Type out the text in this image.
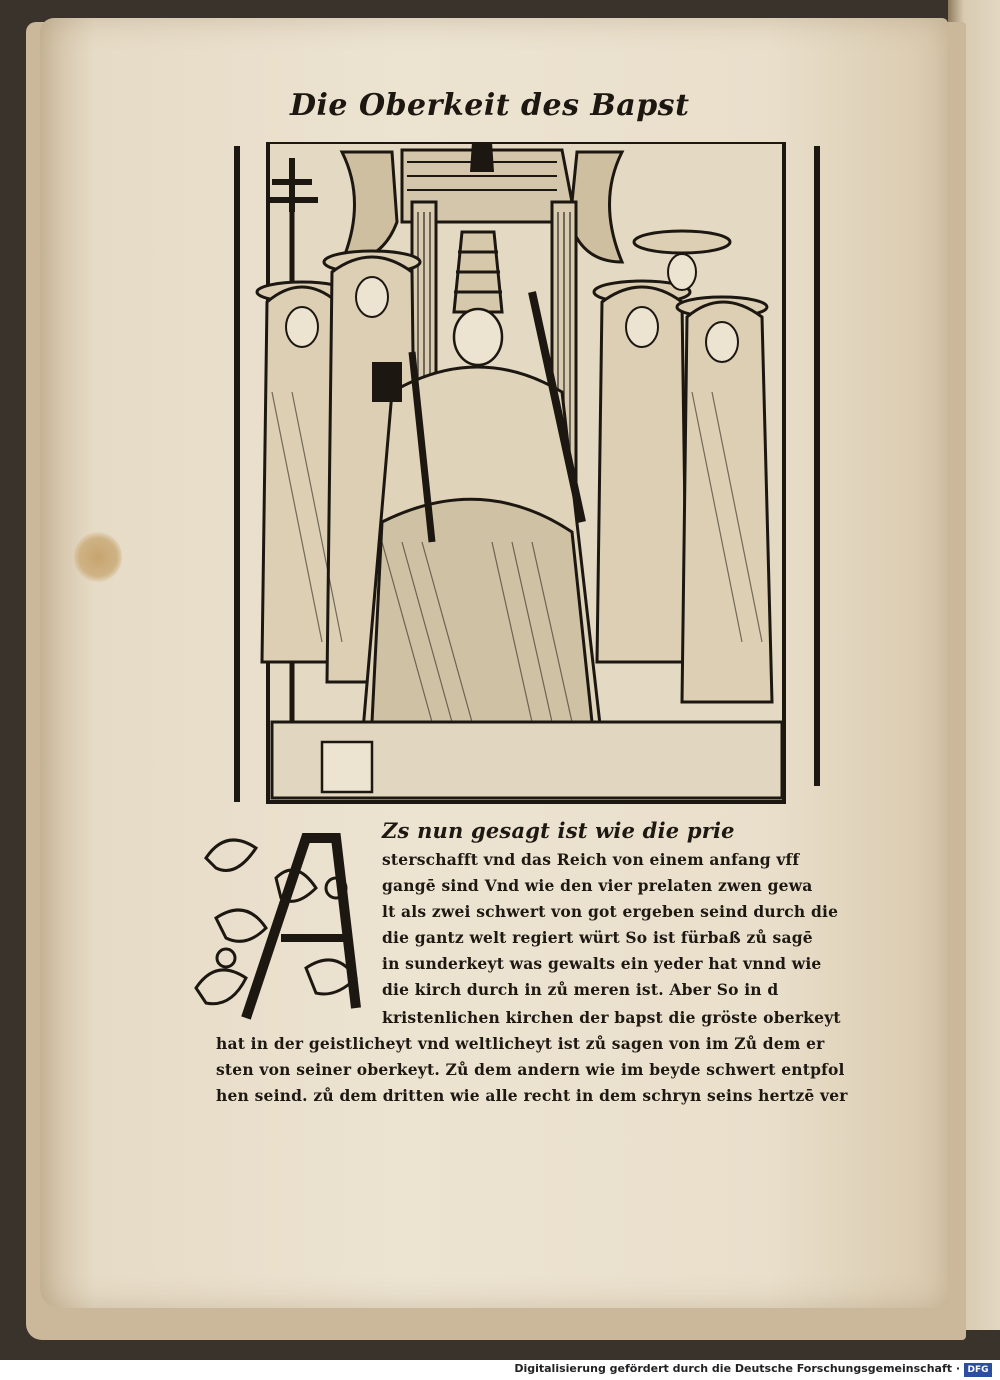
Die Oberkeit des Bapst
Zs nun gesagt ist wie die prie
sterschafft vnd das Reich von einem anfang vff
gangē sind Vnd wie den vier prelaten zwen gewa
lt als zwei schwert von got ergeben seind durch die
die gantz welt regiert würt So ist fürbaß zů sagē
in sunderkeyt was gewalts ein yeder hat vnnd wie
die kirch durch in zů meren ist. Aber So in d
kristenlichen kirchen der bapst die gröste oberkeyt
hat in der geistlicheyt vnd weltlicheyt ist zů sagen von im Zů dem er
sten von seiner oberkeyt. Zů dem andern wie im beyde schwert entpfol
hen seind. zů dem dritten wie alle recht in dem schryn seins hertzē ver
Digitalisierung gefördert durch die Deutsche Forschungsgemeinschaft · DFG
